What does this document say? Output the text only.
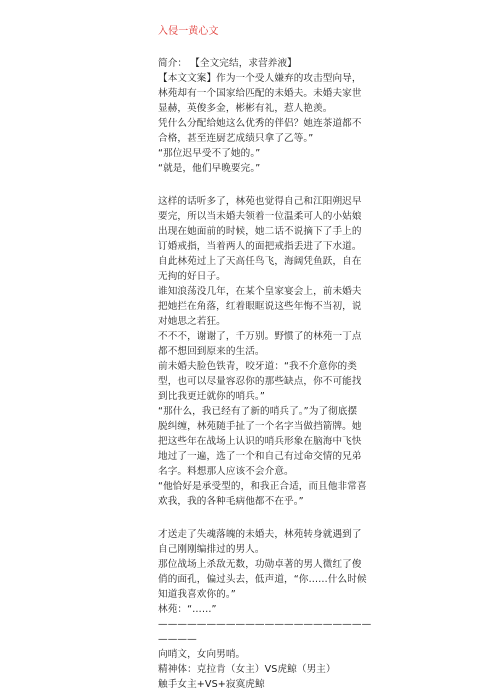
入侵一黄心文
简介： 【全文完结，求营养液】
【本文文案】作为一个受人嫌弃的攻击型向导，
林苑却有一个国家给匹配的未婚夫。未婚夫家世
显赫，英俊多金，彬彬有礼，惹人艳羡。
凭什么分配给她这么优秀的伴侣？她连茶道都不
合格，甚至连厨艺成绩只拿了乙等。”
“那位迟早受不了她的。”
“就是，他们早晚要完。”
这样的话听多了，林苑也觉得自己和江阳朔迟早
要完，所以当未婚夫领着一位温柔可人的小姑娘
出现在她面前的时候，她二话不说摘下了手上的
订婚戒指，当着两人的面把戒指丢进了下水道。
自此林苑过上了天高任鸟飞，海阔凭鱼跃，自在
无拘的好日子。
谁知浪荡没几年，在某个皇家宴会上，前未婚夫
把她拦在角落，红着眼眶说这些年悔不当初，说
对她思之若狂。
不不不，谢谢了，千万别。野惯了的林苑一丁点
都不想回到原来的生活。
前未婚夫脸色铁青，咬牙道：“我不介意你的类
型，也可以尽量容忍你的那些缺点，你不可能找
到比我更迁就你的哨兵。”
“那什么，我已经有了新的哨兵了。”为了彻底摆
脱纠缠，林苑随手扯了一个名字当做挡箭牌。她
把这些年在战场上认识的哨兵形象在脑海中飞快
地过了一遍，选了一个和自己有过命交情的兄弟
名字。料想那人应该不会介意。
“他恰好是承受型的，和我正合适，而且他非常喜
欢我，我的各种毛病他都不在乎。”
才送走了失魂落魄的未婚夫，林苑转身就遇到了
自己刚刚编排过的男人。
那位战场上杀敌无数，功勋卓著的男人微红了俊
俏的面孔，偏过头去，低声道，“你……什么时候
知道我喜欢你的。”
林苑：“……”
——————————————————————
————
向哨文，女向男哨。
精神体：克拉肯（女主）VS虎鲸（男主）
触手女主+VS+寂寞虎鲸
